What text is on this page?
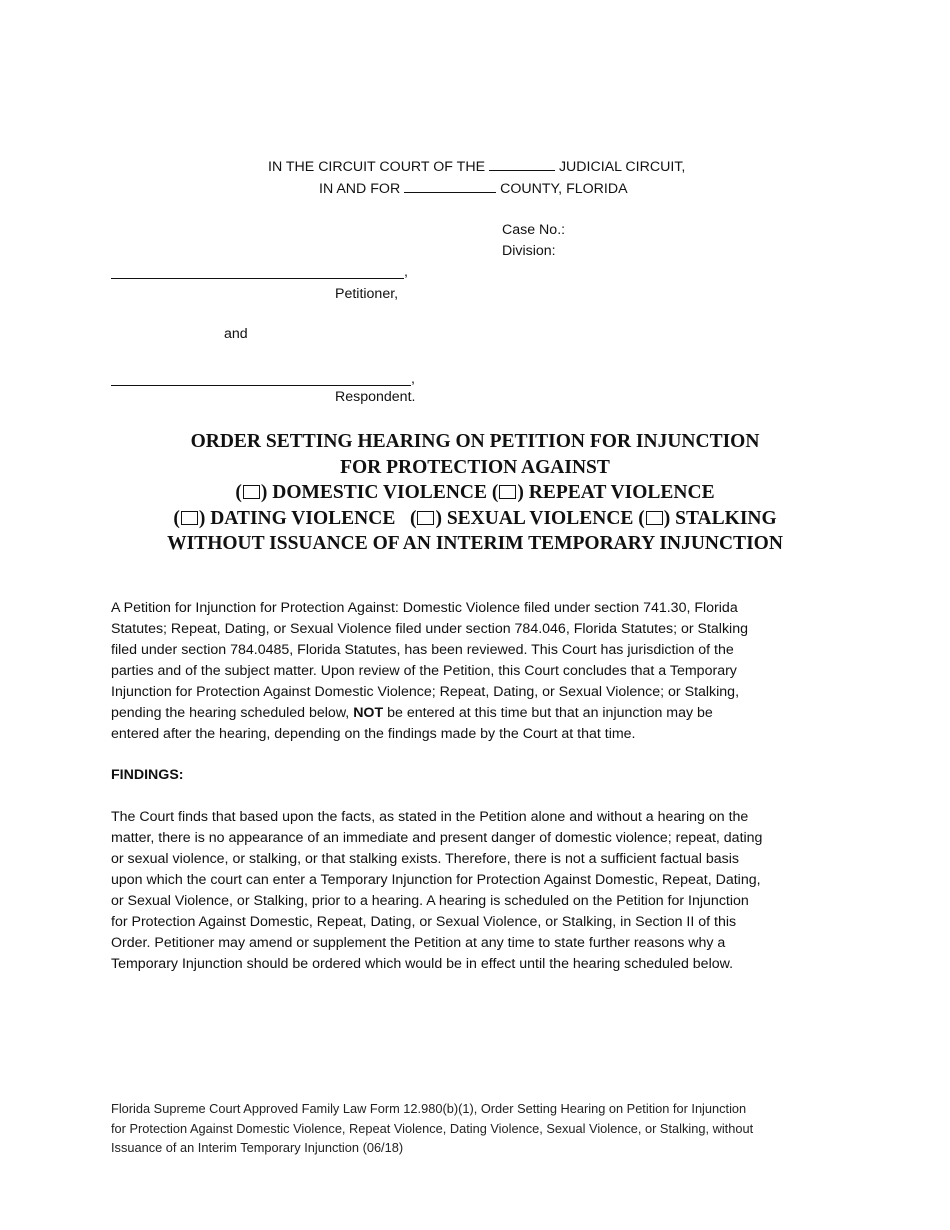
IN THE CIRCUIT COURT OF THE	JUDICIAL CIRCUIT,
IN AND FOR	COUNTY, FLORIDA
Case No.:
Division:
,
Petitioner,
and
,
Respondent.
ORDER SETTING HEARING ON PETITION FOR INJUNCTION
FOR PROTECTION AGAINST
( ) DOMESTIC VIOLENCE ( ) REPEAT VIOLENCE
( ) DATING VIOLENCE   ( ) SEXUAL VIOLENCE ( ) STALKING
WITHOUT ISSUANCE OF AN INTERIM TEMPORARY INJUNCTION
A Petition for Injunction for Protection Against: Domestic Violence filed under section 741.30, Florida
Statutes; Repeat, Dating, or Sexual Violence filed under section 784.046, Florida Statutes; or Stalking
filed under section 784.0485, Florida Statutes, has been reviewed. This Court has jurisdiction of the
parties and of the subject matter. Upon review of the Petition, this Court concludes that a Temporary
Injunction for Protection Against Domestic Violence; Repeat, Dating, or Sexual Violence; or Stalking,
pending the hearing scheduled below, NOT be entered at this time but that an injunction may be
entered after the hearing, depending on the findings made by the Court at that time.
FINDINGS:
The Court finds that based upon the facts, as stated in the Petition alone and without a hearing on the
matter, there is no appearance of an immediate and present danger of domestic violence; repeat, dating
or sexual violence, or stalking, or that stalking exists. Therefore, there is not a sufficient factual basis
upon which the court can enter a Temporary Injunction for Protection Against Domestic, Repeat, Dating,
or Sexual Violence, or Stalking, prior to a hearing. A hearing is scheduled on the Petition for Injunction
for Protection Against Domestic, Repeat, Dating, or Sexual Violence, or Stalking, in Section II of this
Order. Petitioner may amend or supplement the Petition at any time to state further reasons why a
Temporary Injunction should be ordered which would be in effect until the hearing scheduled below.
Florida Supreme Court Approved Family Law Form 12.980(b)(1), Order Setting Hearing on Petition for Injunction
for Protection Against Domestic Violence, Repeat Violence, Dating Violence, Sexual Violence, or Stalking, without
Issuance of an Interim Temporary Injunction (06/18)
